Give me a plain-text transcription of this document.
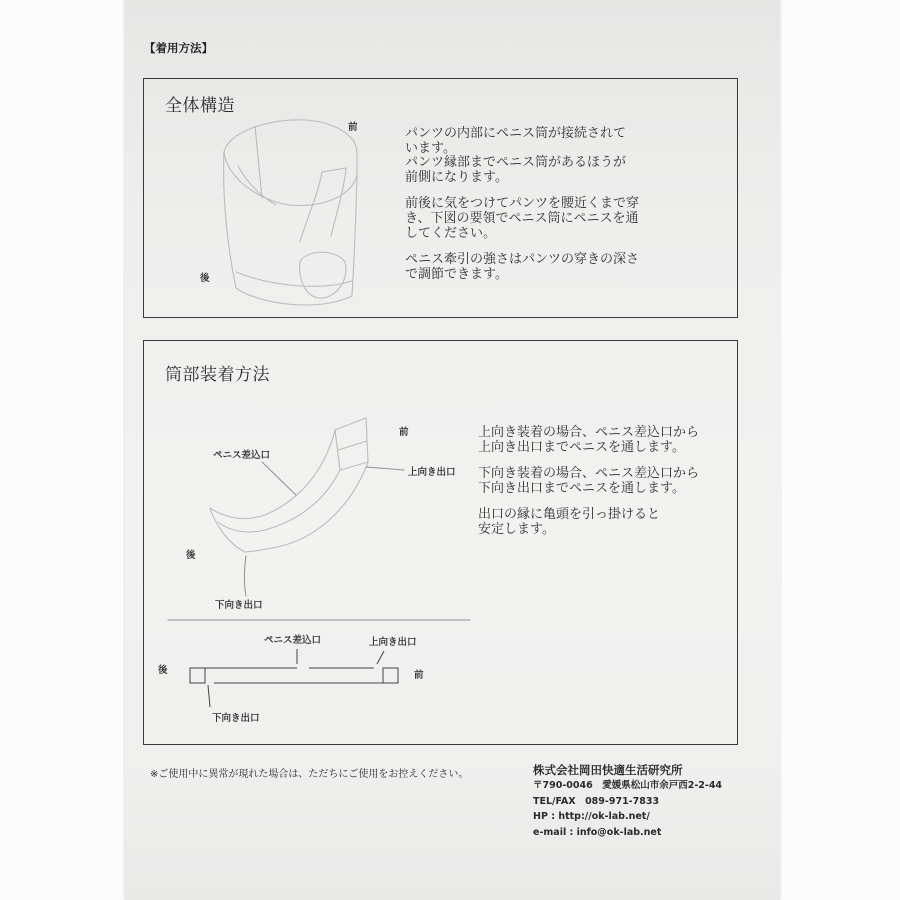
【着用方法】
全体構造
パンツの内部にペニス筒が接続されて
います。
パンツ縁部までペニス筒があるほうが
前側になります。
前後に気をつけてパンツを腰近くまで穿
き、下図の要領でペニス筒にペニスを通
してください。
ペニス牽引の強さはパンツの穿きの深さ
で調節できます。
筒部装着方法
上向き装着の場合、ペニス差込口から
上向き出口までペニスを通します。
下向き装着の場合、ペニス差込口から
下向き出口までペニスを通します。
出口の縁に亀頭を引っ掛けると
安定します。
前
後
前
ペニス差込口
上向き出口
後
下向き出口
ペニス差込口	上向き出口
後	前
下向き出口
※ご使用中に異常が現れた場合は、ただちにご使用をお控えください。	株式会社岡田快適生活研究所
〒790-0046　愛媛県松山市余戸西2-2-44
TEL/FAX　089-971-7833
HP : http://ok-lab.net/
e-mail : info@ok-lab.net
